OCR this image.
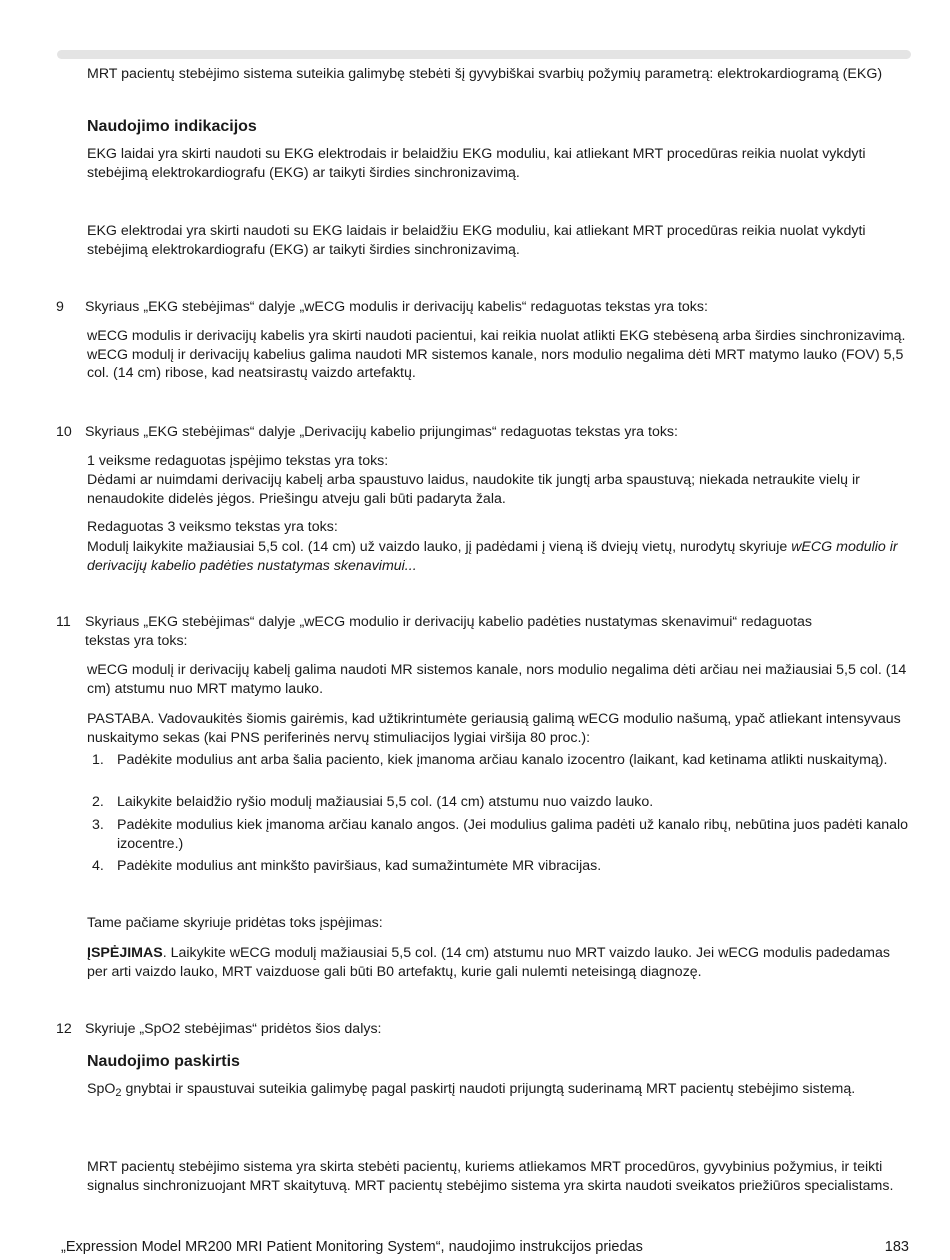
MRT pacientų stebėjimo sistema suteikia galimybę stebėti šį gyvybiškai svarbių požymių parametrą: elektrokardiogramą (EKG)

Naudojimo indikacijos

EKG laidai yra skirti naudoti su EKG elektrodais ir belaidžiu EKG moduliu, kai atliekant MRT procedūras reikia nuolat vykdyti stebėjimą elektrokardiografu (EKG) ar taikyti širdies sinchronizavimą.

EKG elektrodai yra skirti naudoti su EKG laidais ir belaidžiu EKG moduliu, kai atliekant MRT procedūras reikia nuolat vykdyti stebėjimą elektrokardiografu (EKG) ar taikyti širdies sinchronizavimą.

9 Skyriaus „EKG stebėjimas“ dalyje „wECG modulis ir derivacijų kabelis“ redaguotas tekstas yra toks:

wECG modulis ir derivacijų kabelis yra skirti naudoti pacientui, kai reikia nuolat atlikti EKG stebėseną arba širdies sinchronizavimą. wECG modulį ir derivacijų kabelius galima naudoti MR sistemos kanale, nors modulio negalima dėti MRT matymo lauko (FOV) 5,5 col. (14 cm) ribose, kad neatsirastų vaizdo artefaktų.

10 Skyriaus „EKG stebėjimas“ dalyje „Derivacijų kabelio prijungimas“ redaguotas tekstas yra toks:

1 veiksme redaguotas įspėjimo tekstas yra toks:

Dėdami ar nuimdami derivacijų kabelį arba spaustuvo laidus, naudokite tik jungtį arba spaustuvą; niekada netraukite vielų ir nenaudokite didelės jėgos. Priešingu atveju gali būti padaryta žala.

Redaguotas 3 veiksmo tekstas yra toks:

Modulį laikykite mažiausiai 5,5 col. (14 cm) už vaizdo lauko, jį padėdami į vieną iš dviejų vietų, nurodytų skyriuje wECG modulio ir derivacijų kabelio padėties nustatymas skenavimui...

11 Skyriaus „EKG stebėjimas“ dalyje „wECG modulio ir derivacijų kabelio padėties nustatymas skenavimui“ redaguotas
tekstas yra toks:

wECG modulį ir derivacijų kabelį galima naudoti MR sistemos kanale, nors modulio negalima dėti arčiau nei mažiausiai 5,5 col. (14 cm) atstumu nuo MRT matymo lauko.

PASTABA. Vadovaukitės šiomis gairėmis, kad užtikrintumėte geriausią galimą wECG modulio našumą, ypač atliekant intensyvaus nuskaitymo sekas (kai PNS periferinės nervų stimuliacijos lygiai viršija 80 proc.):

1. Padėkite modulius ant arba šalia paciento, kiek įmanoma arčiau kanalo izocentro (laikant, kad ketinama atlikti nuskaitymą).
2. Laikykite belaidžio ryšio modulį mažiausiai 5,5 col. (14 cm) atstumu nuo vaizdo lauko.
3. Padėkite modulius kiek įmanoma arčiau kanalo angos. (Jei modulius galima padėti už kanalo ribų, nebūtina juos padėti kanalo izocentre.)
4. Padėkite modulius ant minkšto paviršiaus, kad sumažintumėte MR vibracijas.

Tame pačiame skyriuje pridėtas toks įspėjimas:

ĮSPĖJIMAS. Laikykite wECG modulį mažiausiai 5,5 col. (14 cm) atstumu nuo MRT vaizdo lauko. Jei wECG modulis padedamas per arti vaizdo lauko, MRT vaizduose gali būti B0 artefaktų, kurie gali nulemti neteisingą diagnozę.

12 Skyriuje „SpO2 stebėjimas“ pridėtos šios dalys:

Naudojimo paskirtis

SpO$_2$ gnybtai ir spaustuvai suteikia galimybę pagal paskirtį naudoti prijungtą suderinamą MRT pacientų stebėjimo sistemą.

MRT pacientų stebėjimo sistema yra skirta stebėti pacientų, kuriems atliekamos MRT procedūros, gyvybinius požymius, ir teikti signalus sinchronizuojant MRT skaitytuvą. MRT pacientų stebėjimo sistema yra skirta naudoti sveikatos priežiūros specialistams.

„Expression Model MR200 MRI Patient Monitoring System“, naudojimo instrukcijos priedas	183
